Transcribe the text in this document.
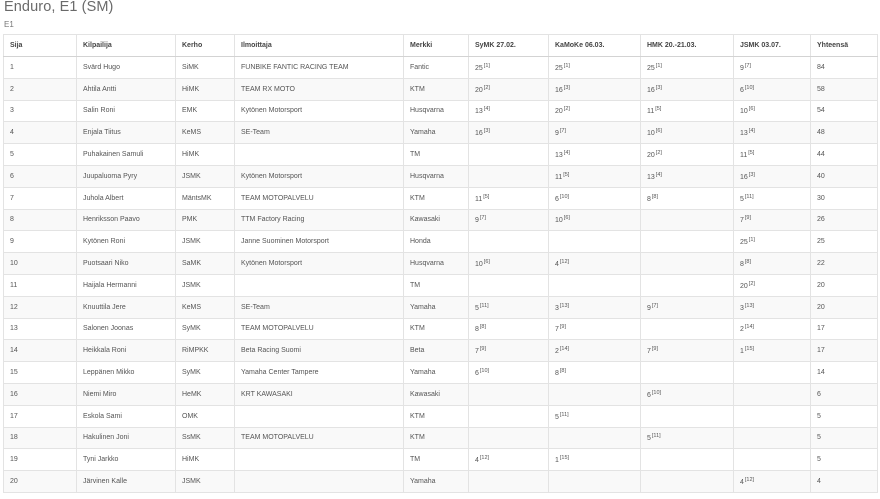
Enduro, E1 (SM)
E1
Sija	Kilpailija	Kerho	Ilmoittaja	Merkki	SyMK 27.02.	KaMoKe 06.03.	HMK 20.-21.03.	JSMK 03.07.	Yhteensä
1	Svärd Hugo	SiMK	FUNBIKE FANTIC RACING TEAM	Fantic	25[1]	25[1]	25[1]	9[7]	84
2	Ahtila Antti	HiMK	TEAM RX MOTO	KTM	20[2]	16[3]	16[3]	6[10]	58
3	Salin Roni	EMK	Kytönen Motorsport	Husqvarna	13[4]	20[2]	11[5]	10[6]	54
4	Enjala Tiitus	KeMS	SE-Team	Yamaha	16[3]	9[7]	10[6]	13[4]	48
5	Puhakainen Samuli	HiMK		TM		13[4]	20[2]	11[5]	44
6	Juupaluoma Pyry	JSMK	Kytönen Motorsport	Husqvarna		11[5]	13[4]	16[3]	40
7	Juhola Albert	MäntsMK	TEAM MOTOPALVELU	KTM	11[5]	6[10]	8[8]	5[11]	30
8	Henriksson Paavo	PMK	TTM Factory Racing	Kawasaki	9[7]	10[6]		7[9]	26
9	Kytönen Roni	JSMK	Janne Suominen Motorsport	Honda				25[1]	25
10	Puotsaari Niko	SaMK	Kytönen Motorsport	Husqvarna	10[6]	4[12]		8[8]	22
11	Haijala Hermanni	JSMK		TM				20[2]	20
12	Knuuttila Jere	KeMS	SE-Team	Yamaha	5[11]	3[13]	9[7]	3[13]	20
13	Salonen Joonas	SyMK	TEAM MOTOPALVELU	KTM	8[8]	7[9]		2[14]	17
14	Heikkala Roni	RiMPKK	Beta Racing Suomi	Beta	7[9]	2[14]	7[9]	1[15]	17
15	Leppänen Mikko	SyMK	Yamaha Center Tampere	Yamaha	6[10]	8[8]			14
16	Niemi Miro	HeMK	KRT KAWASAKI	Kawasaki			6[10]		6
17	Eskola Sami	OMK		KTM		5[11]			5
18	Hakulinen Joni	SsMK	TEAM MOTOPALVELU	KTM			5[11]		5
19	Tyni Jarkko	HiMK		TM	4[12]	1[15]			5
20	Järvinen Kalle	JSMK		Yamaha				4[12]	4
